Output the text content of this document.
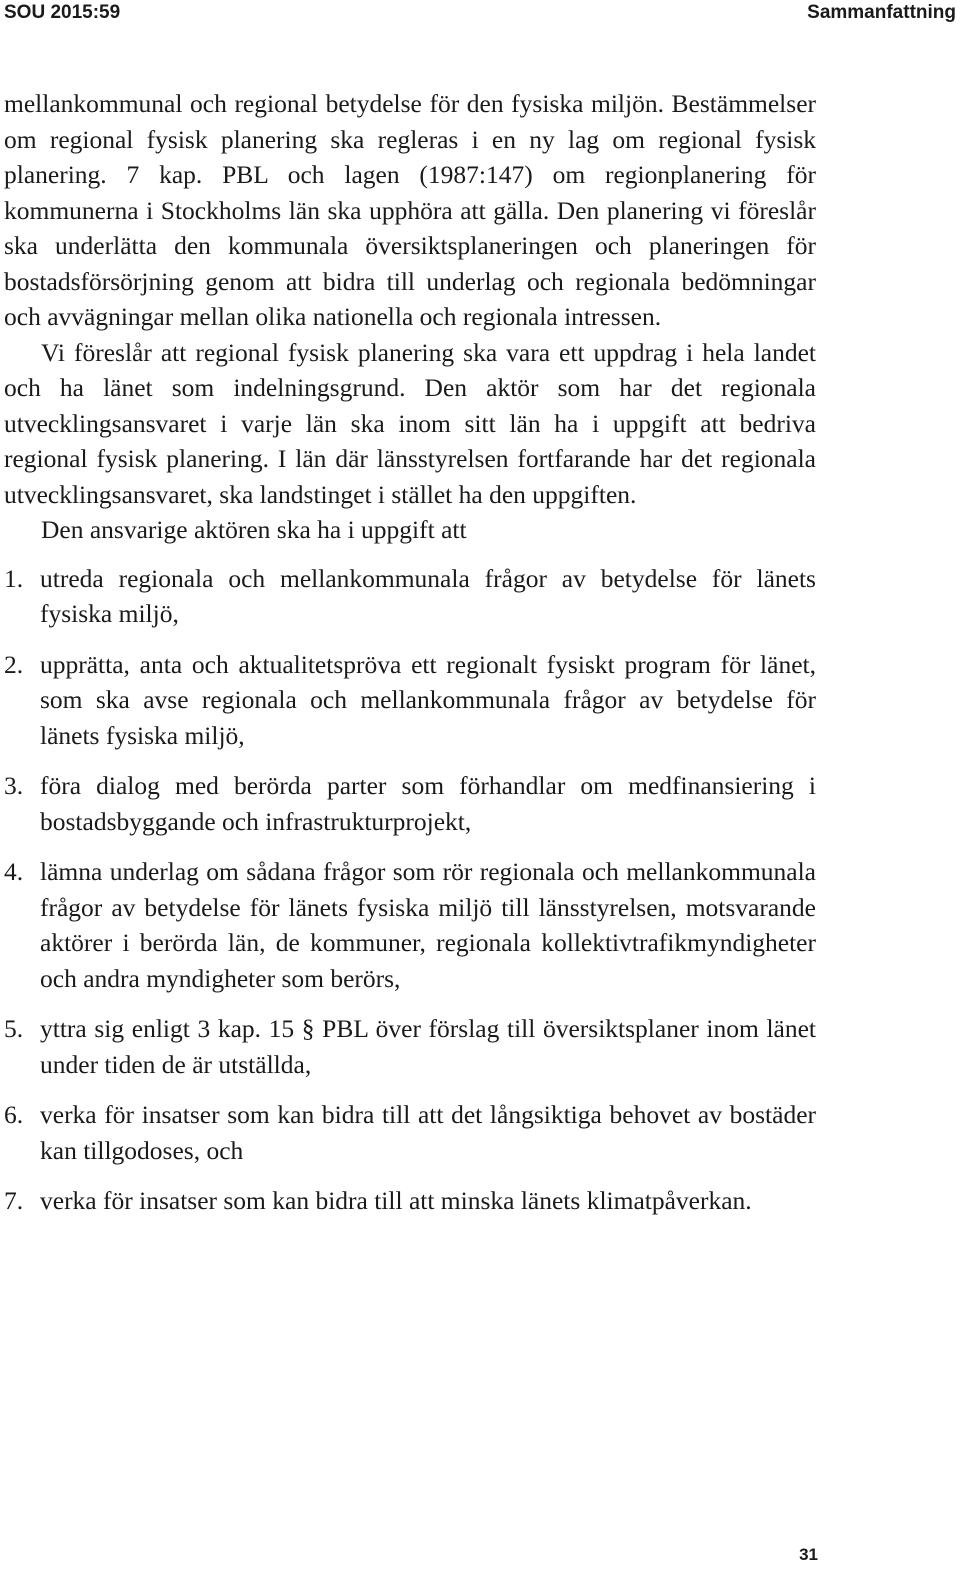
SOU 2015:59	Sammanfattning

mellankommunal och regional betydelse för den fysiska miljön. Bestämmelser om regional fysisk planering ska regleras i en ny lag om regional fysisk planering. 7 kap. PBL och lagen (1987:147) om regionplanering för kommunerna i Stockholms län ska upphöra att gälla. Den planering vi föreslår ska underlätta den kommunala översiktsplaneringen och planeringen för bostadsförsörjning genom att bidra till underlag och regionala bedömningar och avvägningar mellan olika nationella och regionala intressen.

Vi föreslår att regional fysisk planering ska vara ett uppdrag i hela landet och ha länet som indelningsgrund. Den aktör som har det regionala utvecklingsansvaret i varje län ska inom sitt län ha i uppgift att bedriva regional fysisk planering. I län där länsstyrelsen fortfarande har det regionala utvecklingsansvaret, ska landstinget i stället ha den uppgiften.

Den ansvarige aktören ska ha i uppgift att

1. utreda regionala och mellankommunala frågor av betydelse för länets fysiska miljö,
2. upprätta, anta och aktualitetspröva ett regionalt fysiskt program för länet, som ska avse regionala och mellankommunala frågor av betydelse för länets fysiska miljö,
3. föra dialog med berörda parter som förhandlar om medfinansiering i bostadsbyggande och infrastrukturprojekt,
4. lämna underlag om sådana frågor som rör regionala och mellankommunala frågor av betydelse för länets fysiska miljö till länsstyrelsen, motsvarande aktörer i berörda län, de kommuner, regionala kollektivtrafikmyndigheter och andra myndigheter som berörs,
5. yttra sig enligt 3 kap. 15 § PBL över förslag till översiktsplaner inom länet under tiden de är utställda,
6. verka för insatser som kan bidra till att det långsiktiga behovet av bostäder kan tillgodoses, och
7. verka för insatser som kan bidra till att minska länets klimatpåverkan.
31
